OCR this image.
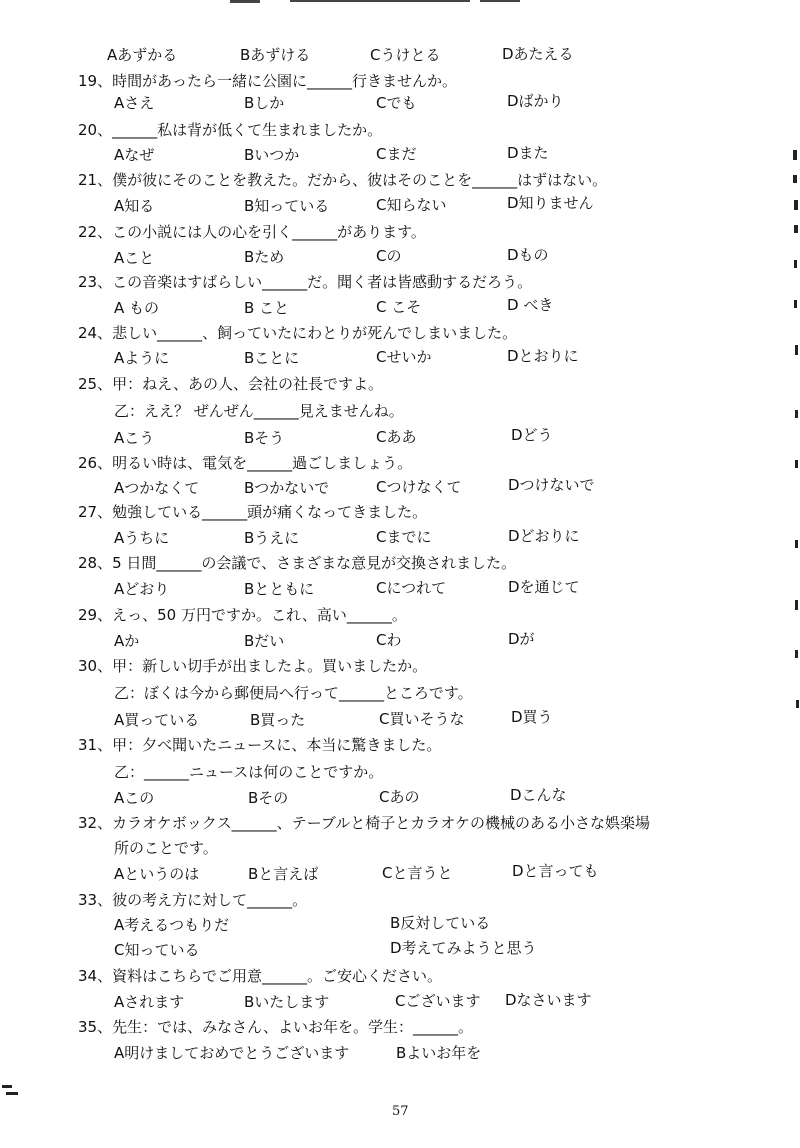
Aあずかる	Bあずける	Cうけとる	Dあたえる
19、時間があったら一緒に公園に______行きませんか。
Aさえ	Bしか	Cでも	Dばかり
20、______私は背が低くて生まれましたか。
Aなぜ	Bいつか	Cまだ	Dまた
21、僕が彼にそのことを教えた。だから、彼はそのことを______はずはない。
A知る	B知っている	C知らない	D知りません
22、この小説には人の心を引く______があります。
Aこと	Bため	Cの	Dもの
23、この音楽はすばらしい______だ。聞く者は皆感動するだろう。
A もの	B こと	C こそ	D べき
24、悲しい______、飼っていたにわとりが死んでしまいました。
Aように	Bことに	Cせいか	Dとおりに
25、甲：ねえ、あの人、会社の社長ですよ。
乙：ええ？ ぜんぜん______見えませんね。
Aこう	Bそう	Cああ	Dどう
26、明るい時は、電気を______過ごしましょう。
Aつかなくて	Bつかないで	Cつけなくて	Dつけないで
27、勉強している______頭が痛くなってきました。
Aうちに	Bうえに	Cまでに	Dどおりに
28、5 日間______の会議で、さまざまな意見が交換されました。
Aどおり	Bとともに	Cにつれて	Dを通じて
29、えっ、50 万円ですか。これ、高い______。
Aか	Bだい	Cわ	Dが
30、甲：新しい切手が出ましたよ。買いましたか。
乙：ぼくは今から郵便局へ行って______ところです。
A買っている	B買った	C買いそうな	D買う
31、甲：夕べ聞いたニュースに、本当に驚きました。
乙：______ニュースは何のことですか。
Aこの	Bその	Cあの	Dこんな
32、カラオケボックス______、テーブルと椅子とカラオケの機械のある小さな娯楽場
所のことです。
Aというのは	Bと言えば	Cと言うと	Dと言っても
33、彼の考え方に対して______。
A考えるつもりだ	B反対している
C知っている	D考えてみようと思う
34、資料はこちらでご用意______。ご安心ください。
Aされます	Bいたします	Cございます Dなさいます
35、先生：では、みなさん、よいお年を。学生：______。
A明けましておめでとうございます	Bよいお年を
57
